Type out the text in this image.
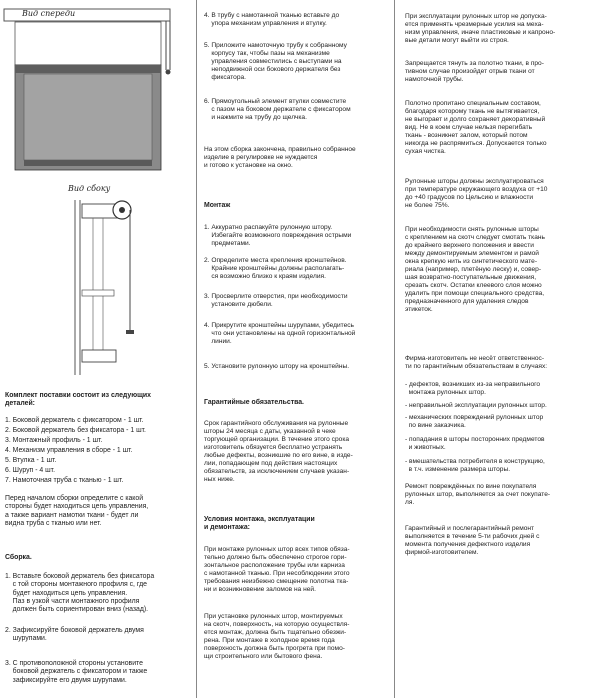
Вид спереди
Вид сбоку
Комплект поставки состоит из следующих
деталей:
1. Боковой держатель с фиксатором - 1 шт.
2. Боковой держатель без фиксатора - 1 шт.
3. Монтажный профиль - 1 шт.
4. Механизм управления в сборе - 1 шт.
5. Втулка - 1 шт.
6. Шуруп - 4 шт.
7. Намоточная труба с тканью - 1 шт.
Перед началом сборки определите с какой
стороны будет находиться цепь управления,
а также вариант намотки ткани - будет ли
видна труба с тканью или нет.
Сборка.
1. Вставьте боковой держатель без фиксатора
с той стороны монтажного профиля с, где
будет находиться цепь управления.
Паз в узкой части монтажного профиля
должен быть сориентирован вниз (назад).
2. Зафиксируйте боковой держатель двумя
шурупами.
3. С противоположной стороны установите
боковой держатель с фиксатором и также
зафиксируйте его двумя шурупами.
4. В трубу с намотанной тканью вставьте до
упора механизм управления и втулку.
5. Приложите намоточную трубу к собранному
корпусу так, чтобы пазы на механизме
управления совместились с выступами на
неподвижной оси бокового держателя без
фиксатора.
6. Прямоугольный элемент втулки совместите
с пазом на боковом держателе с фиксатором
и нажмите на трубу до щелчка.
На этом сборка закончена, правильно собранное
изделие в регулировке не нуждается
и готово к установке на окно.
Монтаж
1. Аккуратно распакуйте рулонную штору.
Избегайте возможного повреждения острыми
предметами.
2. Определите места крепления кронштейнов.
Крайние кронштейны должны располагать-
ся возможно близко к краям изделия.
3. Просверлите отверстия, при необходимости
установите дюбели.
4. Прикрутите кронштейны шурупами, убедитесь
что они установлены на одной горизонтальной
линии.
5. Установите рулонную штору на кронштейны.
Гарантийные обязательства.
Срок гарантийного обслуживания на рулонные
шторы 24 месяца с даты, указанной в чеке
торгующей организации. В течение этого срока
изготовитель обязуется бесплатно устранять
любые дефекты, возникшие по его вине, в изде-
лии, попадающем под действия настоящих
обязательств, за исключением случаев указан-
ных ниже.
Условия монтажа, эксплуатации
и демонтажа:
При монтаже рулонных штор всех типов обяза-
тельно должно быть обеспечено строгое гори-
зонтальное расположение трубы или карниза
с намотанной тканью. При несоблюдении этого
требования неизбежно смещение полотна тка-
ни и возникновение заломов на ней.
При установке рулонных штор, монтируемых
на скотч, поверхность, на которую осуществля-
ется монтаж, должна быть тщательно обезжи-
рена. При монтаже в холодное время года
поверхность должна быть прогрета при помо-
щи строительного или бытового фена.
При эксплуатации рулонных штор не допуска-
ется применять чрезмерные усилия на меха-
низм управления, иначе пластиковые и капроно-
вые детали могут выйти из строя.
Запрещается тянуть за полотно ткани, в про-
тивном случае произойдет отрыв ткани от
намоточной трубы.
Полотно пропитано специальным составом,
благодаря которому ткань не вытягивается,
не выгорает и долго сохраняет декоративный
вид. Не в коем случае нельзя перегибать
ткань - возникнет залом, который потом
никогда не распрямиться. Допускается только
сухая чистка.
Рулонные шторы должны эксплуатироваться
при температуре окружающего воздуха от +10
до +40 градусов по Цельсию и влажности
не более 75%.
При необходимости снять рулонные шторы
с креплением на скотч следует смотать ткань
до крайнего верхнего положения и ввести
между демонтируемым элементом и рамой
окна крепкую нить из синтетического мате-
риала (например, плетёную леску) и, совер-
шая возвратно-поступательные движения,
срезать скотч. Остатки клеевого слоя можно
удалить при помощи специального средства,
предназначенного для удаления следов
этикеток.
Фирма-изготовитель не несёт ответственнос-
ти по гарантийным обязательствам в случаях:
- дефектов, возникших из-за неправильного
монтажа рулонных штор.
- неправильной эксплуатации рулонных штор.
- механических повреждений рулонных штор
по вине заказчика.
- попадания в шторы посторонних предметов
и животных.
- вмешательства потребителя в конструкцию,
в т.ч. изменение размера шторы.
Ремонт повреждённых по вине покупателя
рулонных штор, выполняется за счет покупате-
ля.
Гарантийный и послегарантийный ремонт
выполняется в течение 5-ти рабочих дней с
момента получения дефектного изделия
фирмой-изготовителем.
